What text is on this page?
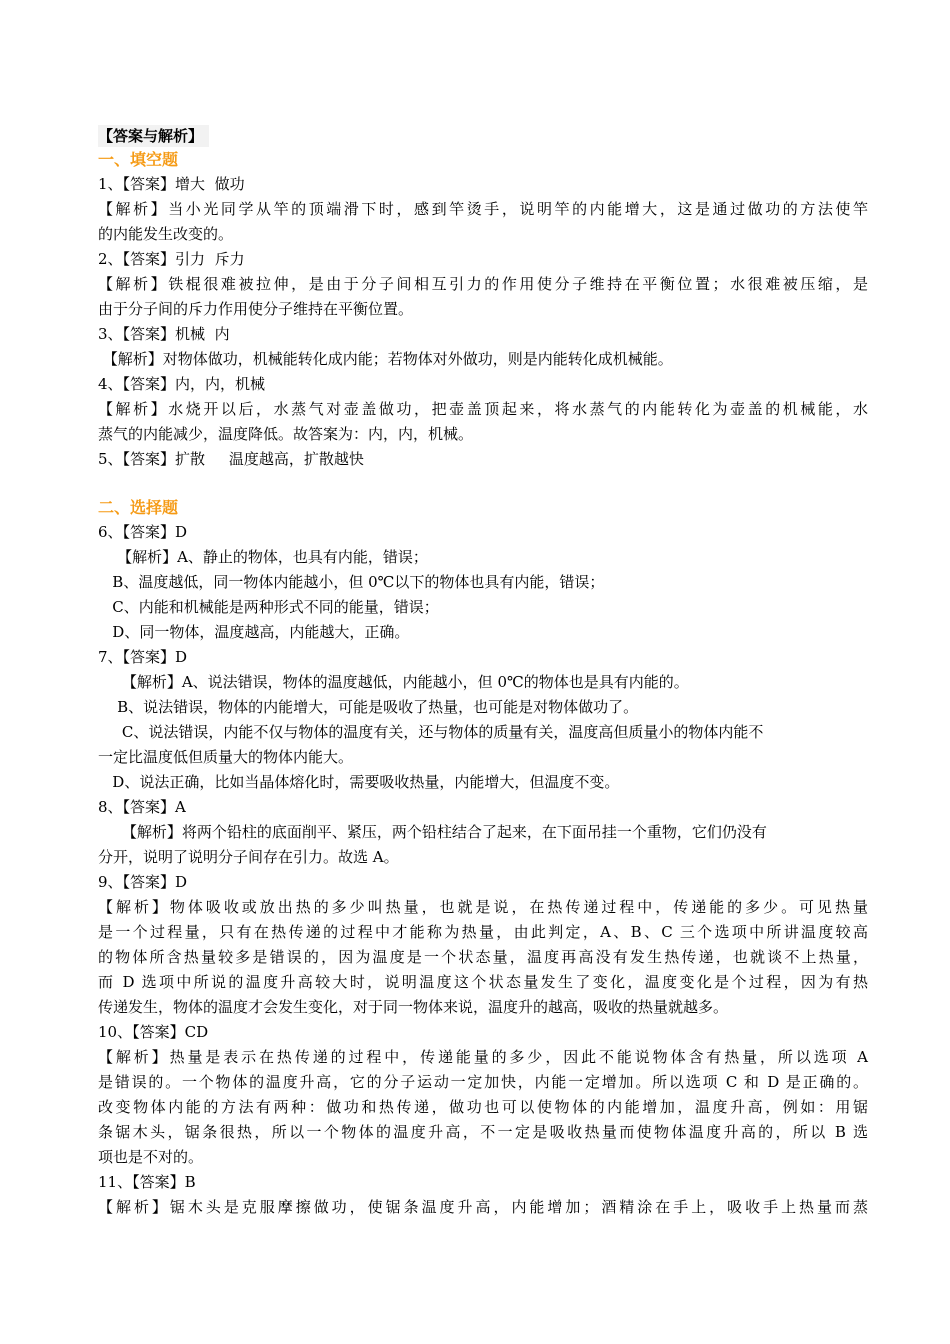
【答案与解析】
一、填空题
1、【答案】增大  做功
【解析】当小光同学从竿的顶端滑下时，感到竿烫手，说明竿的内能增大，这是通过做功的方法使竿
的内能发生改变的。
2、【答案】引力  斥力
【解析】铁棍很难被拉伸，是由于分子间相互引力的作用使分子维持在平衡位置；水很难被压缩，是
由于分子间的斥力作用使分子维持在平衡位置。
3、【答案】机械  内
【解析】对物体做功，机械能转化成内能；若物体对外做功，则是内能转化成机械能。
4、【答案】内，内，机械
【解析】水烧开以后，水蒸气对壶盖做功，把壶盖顶起来，将水蒸气的内能转化为壶盖的机械能，水
蒸气的内能减少，温度降低。故答案为：内，内，机械。
5、【答案】扩散     温度越高，扩散越快
二、选择题
6、【答案】D
【解析】A、静止的物体，也具有内能，错误；
B、温度越低，同一物体内能越小，但 0℃以下的物体也具有内能，错误；
C、内能和机械能是两种形式不同的能量，错误；
D、同一物体，温度越高，内能越大，正确。
7、【答案】D
【解析】A、说法错误，物体的温度越低，内能越小，但 0℃的物体也是具有内能的。
B、说法错误，物体的内能增大，可能是吸收了热量，也可能是对物体做功了。
C、说法错误，内能不仅与物体的温度有关，还与物体的质量有关，温度高但质量小的物体内能不
一定比温度低但质量大的物体内能大。
D、说法正确，比如当晶体熔化时，需要吸收热量，内能增大，但温度不变。
8、【答案】A
【解析】将两个铅柱的底面削平、紧压，两个铅柱结合了起来，在下面吊挂一个重物，它们仍没有
分开，说明了说明分子间存在引力。故选 A。
9、【答案】D
【解析】物体吸收或放出热的多少叫热量，也就是说，在热传递过程中，传递能的多少。可见热量
是一个过程量，只有在热传递的过程中才能称为热量，由此判定，A、B、C 三个选项中所讲温度较高
的物体所含热量较多是错误的，因为温度是一个状态量，温度再高没有发生热传递，也就谈不上热量，
而 D 选项中所说的温度升高较大时，说明温度这个状态量发生了变化，温度变化是个过程，因为有热
传递发生，物体的温度才会发生变化，对于同一物体来说，温度升的越高，吸收的热量就越多。
10、【答案】CD
【解析】热量是表示在热传递的过程中，传递能量的多少，因此不能说物体含有热量，所以选项 A
是错误的。一个物体的温度升高，它的分子运动一定加快，内能一定增加。所以选项 C 和 D 是正确的。
改变物体内能的方法有两种：做功和热传递，做功也可以使物体的内能增加，温度升高，例如：用锯
条锯木头，锯条很热，所以一个物体的温度升高，不一定是吸收热量而使物体温度升高的，所以 B 选
项也是不对的。
11、【答案】B
【解析】锯木头是克服摩擦做功，使锯条温度升高，内能增加；酒精涂在手上，吸收手上热量而蒸
